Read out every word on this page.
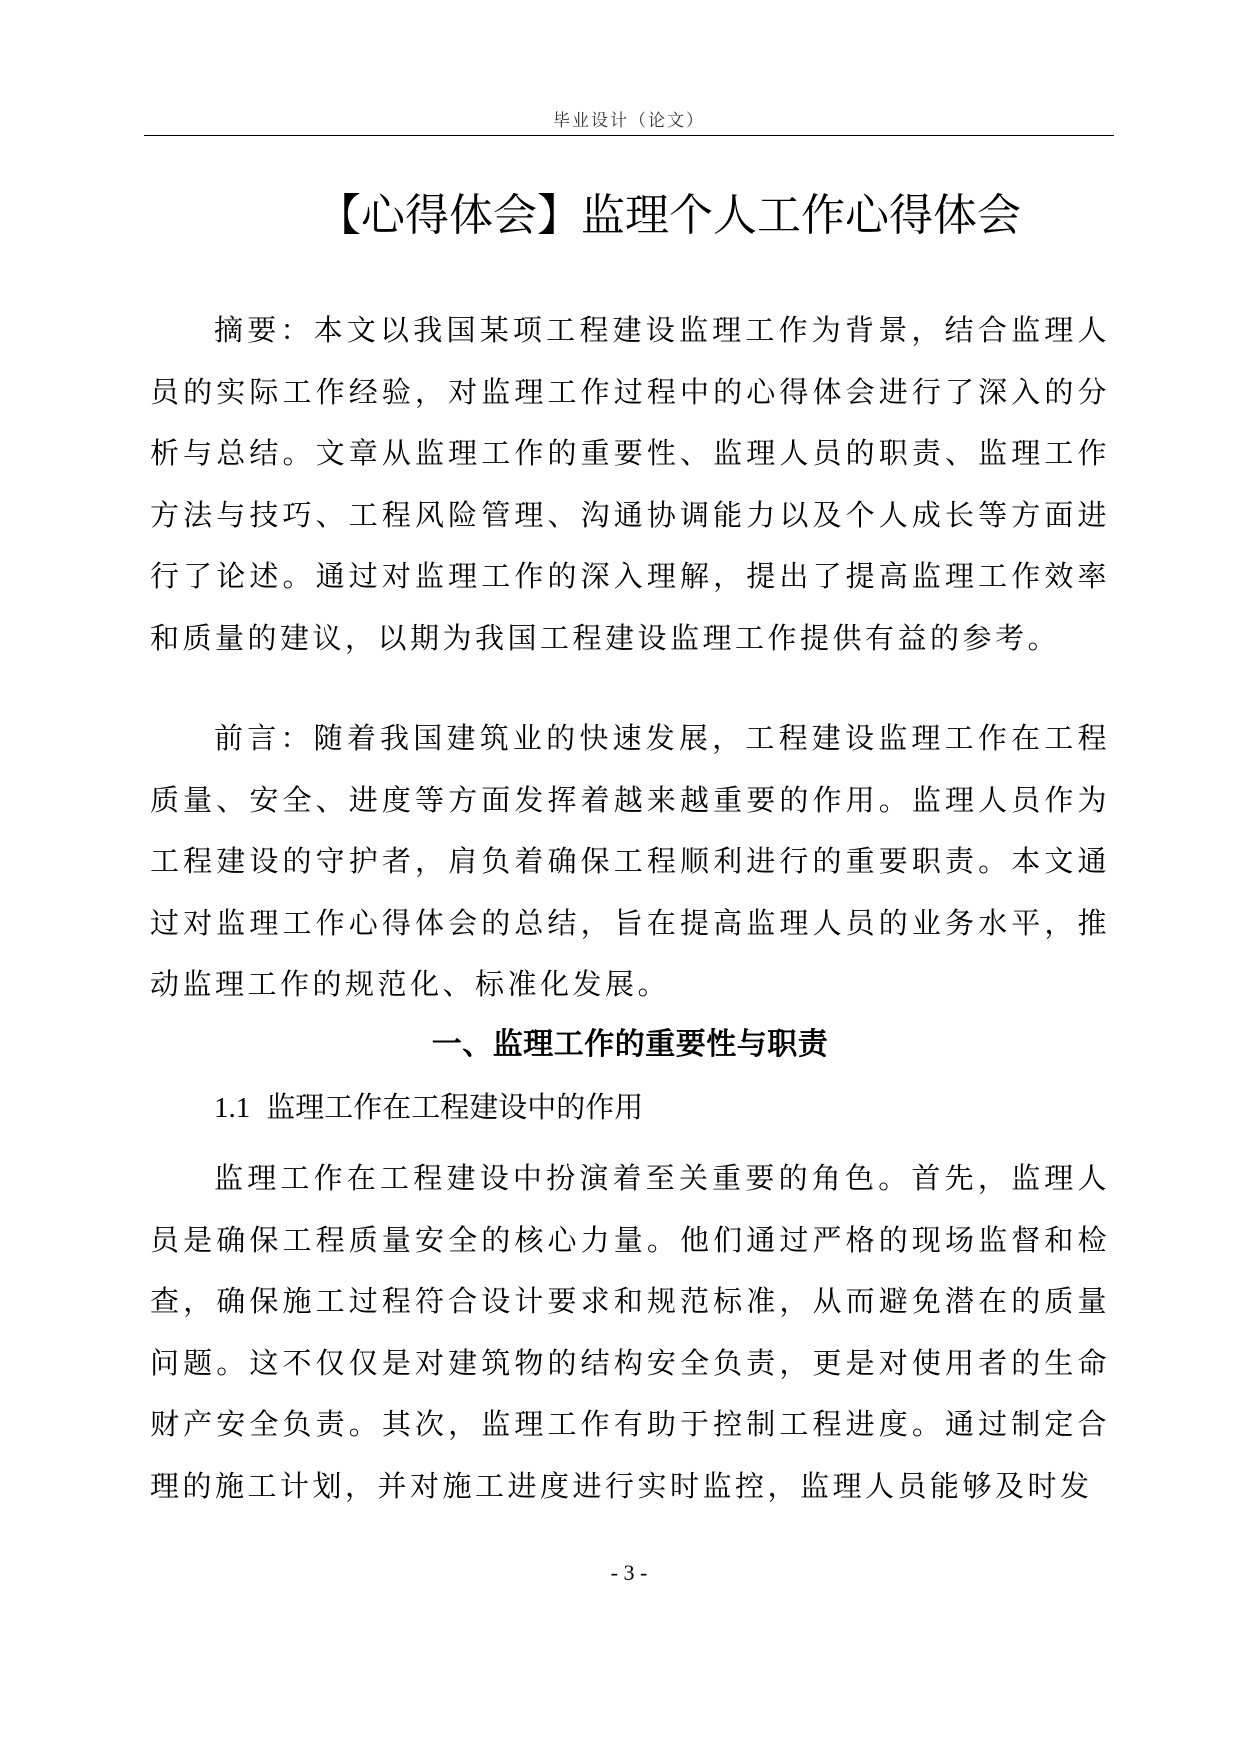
毕业设计（论文）
【心得体会】监理个人工作心得体会

摘要：本文以我国某项工程建设监理工作为背景，结合监理人员的实际工作经验，对监理工作过程中的心得体会进行了深入的分析与总结。文章从监理工作的重要性、监理人员的职责、监理工作方法与技巧、工程风险管理、沟通协调能力以及个人成长等方面进行了论述。通过对监理工作的深入理解，提出了提高监理工作效率和质量的建议，以期为我国工程建设监理工作提供有益的参考。

前言：随着我国建筑业的快速发展，工程建设监理工作在工程质量、安全、进度等方面发挥着越来越重要的作用。监理人员作为工程建设的守护者，肩负着确保工程顺利进行的重要职责。本文通过对监理工作心得体会的总结，旨在提高监理人员的业务水平，推动监理工作的规范化、标准化发展。

一、监理工作的重要性与职责
1.1 监理工作在工程建设中的作用

监理工作在工程建设中扮演着至关重要的角色。首先，监理人员是确保工程质量安全的核心力量。他们通过严格的现场监督和检查，确保施工过程符合设计要求和规范标准，从而避免潜在的质量问题。这不仅仅是对建筑物的结构安全负责，更是对使用者的生命财产安全负责。其次，监理工作有助于控制工程进度。通过制定合理的施工计划，并对施工进度进行实时监控，监理人员能够及时发

- 3 -
